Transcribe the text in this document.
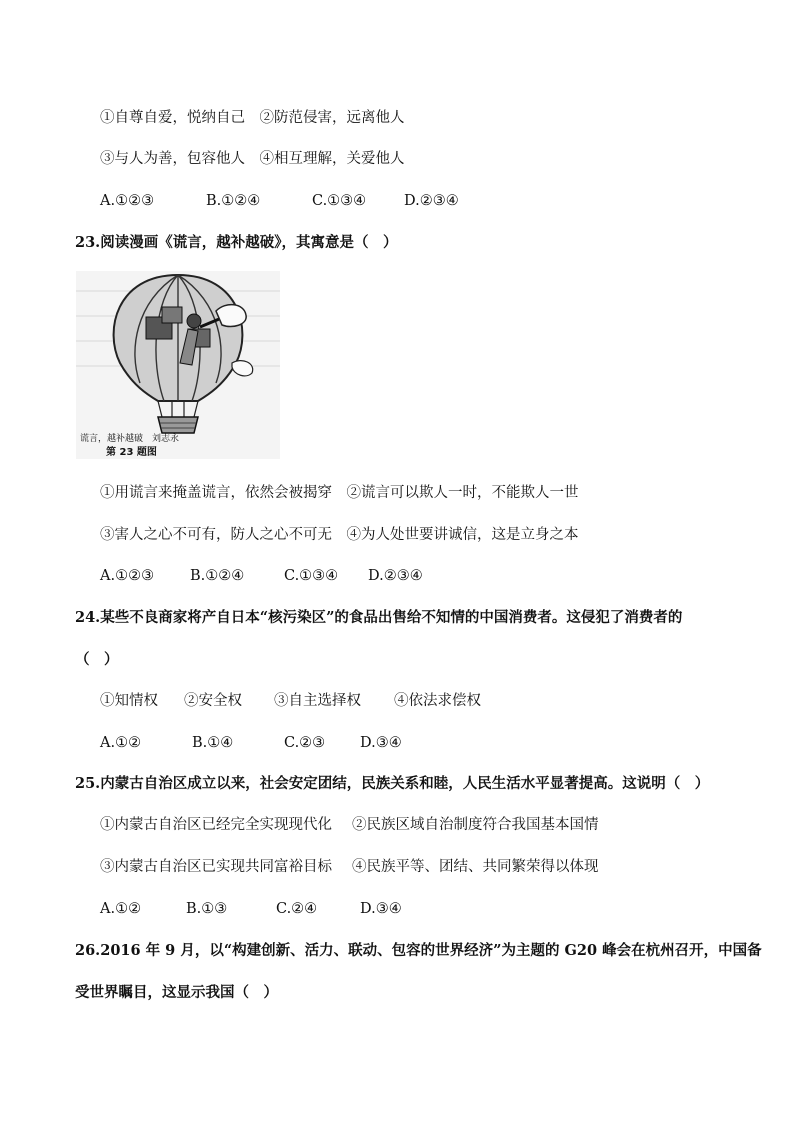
①自尊自爱，悦纳自己　②防范侵害，远离他人
③与人为善，包容他人　④相互理解，关爱他人
A.①②③	B.①②④	C.①③④	D.②③④
23.阅读漫画《谎言，越补越破》，其寓意是（　）
谎言，越补越破　刘志永
第 23 题图
①用谎言来掩盖谎言，依然会被揭穿　②谎言可以欺人一时，不能欺人一世
③害人之心不可有，防人之心不可无　④为人处世要讲诚信，这是立身之本
A.①②③ B.①②④	C.①③④ D.②③④
24.某些不良商家将产自日本“核污染区”的食品出售给不知情的中国消费者。这侵犯了消费者的
（　）
①知情权 ②安全权 ③自主选择权 ④依法求偿权
A.①②	B.①④	C.②③ D.③④
25.内蒙古自治区成立以来，社会安定团结，民族关系和睦，人民生活水平显著提高。这说明（　）
①内蒙古自治区已经完全实现现代化 ②民族区域自治制度符合我国基本国情
③内蒙古自治区已实现共同富裕目标 ④民族平等、团结、共同繁荣得以体现
A.①②	B.①③	C.②④	D.③④
26.2016 年 9 月，以“构建创新、活力、联动、包容的世界经济”为主题的 G20 峰会在杭州召开，中国备
受世界瞩目，这显示我国（　）
